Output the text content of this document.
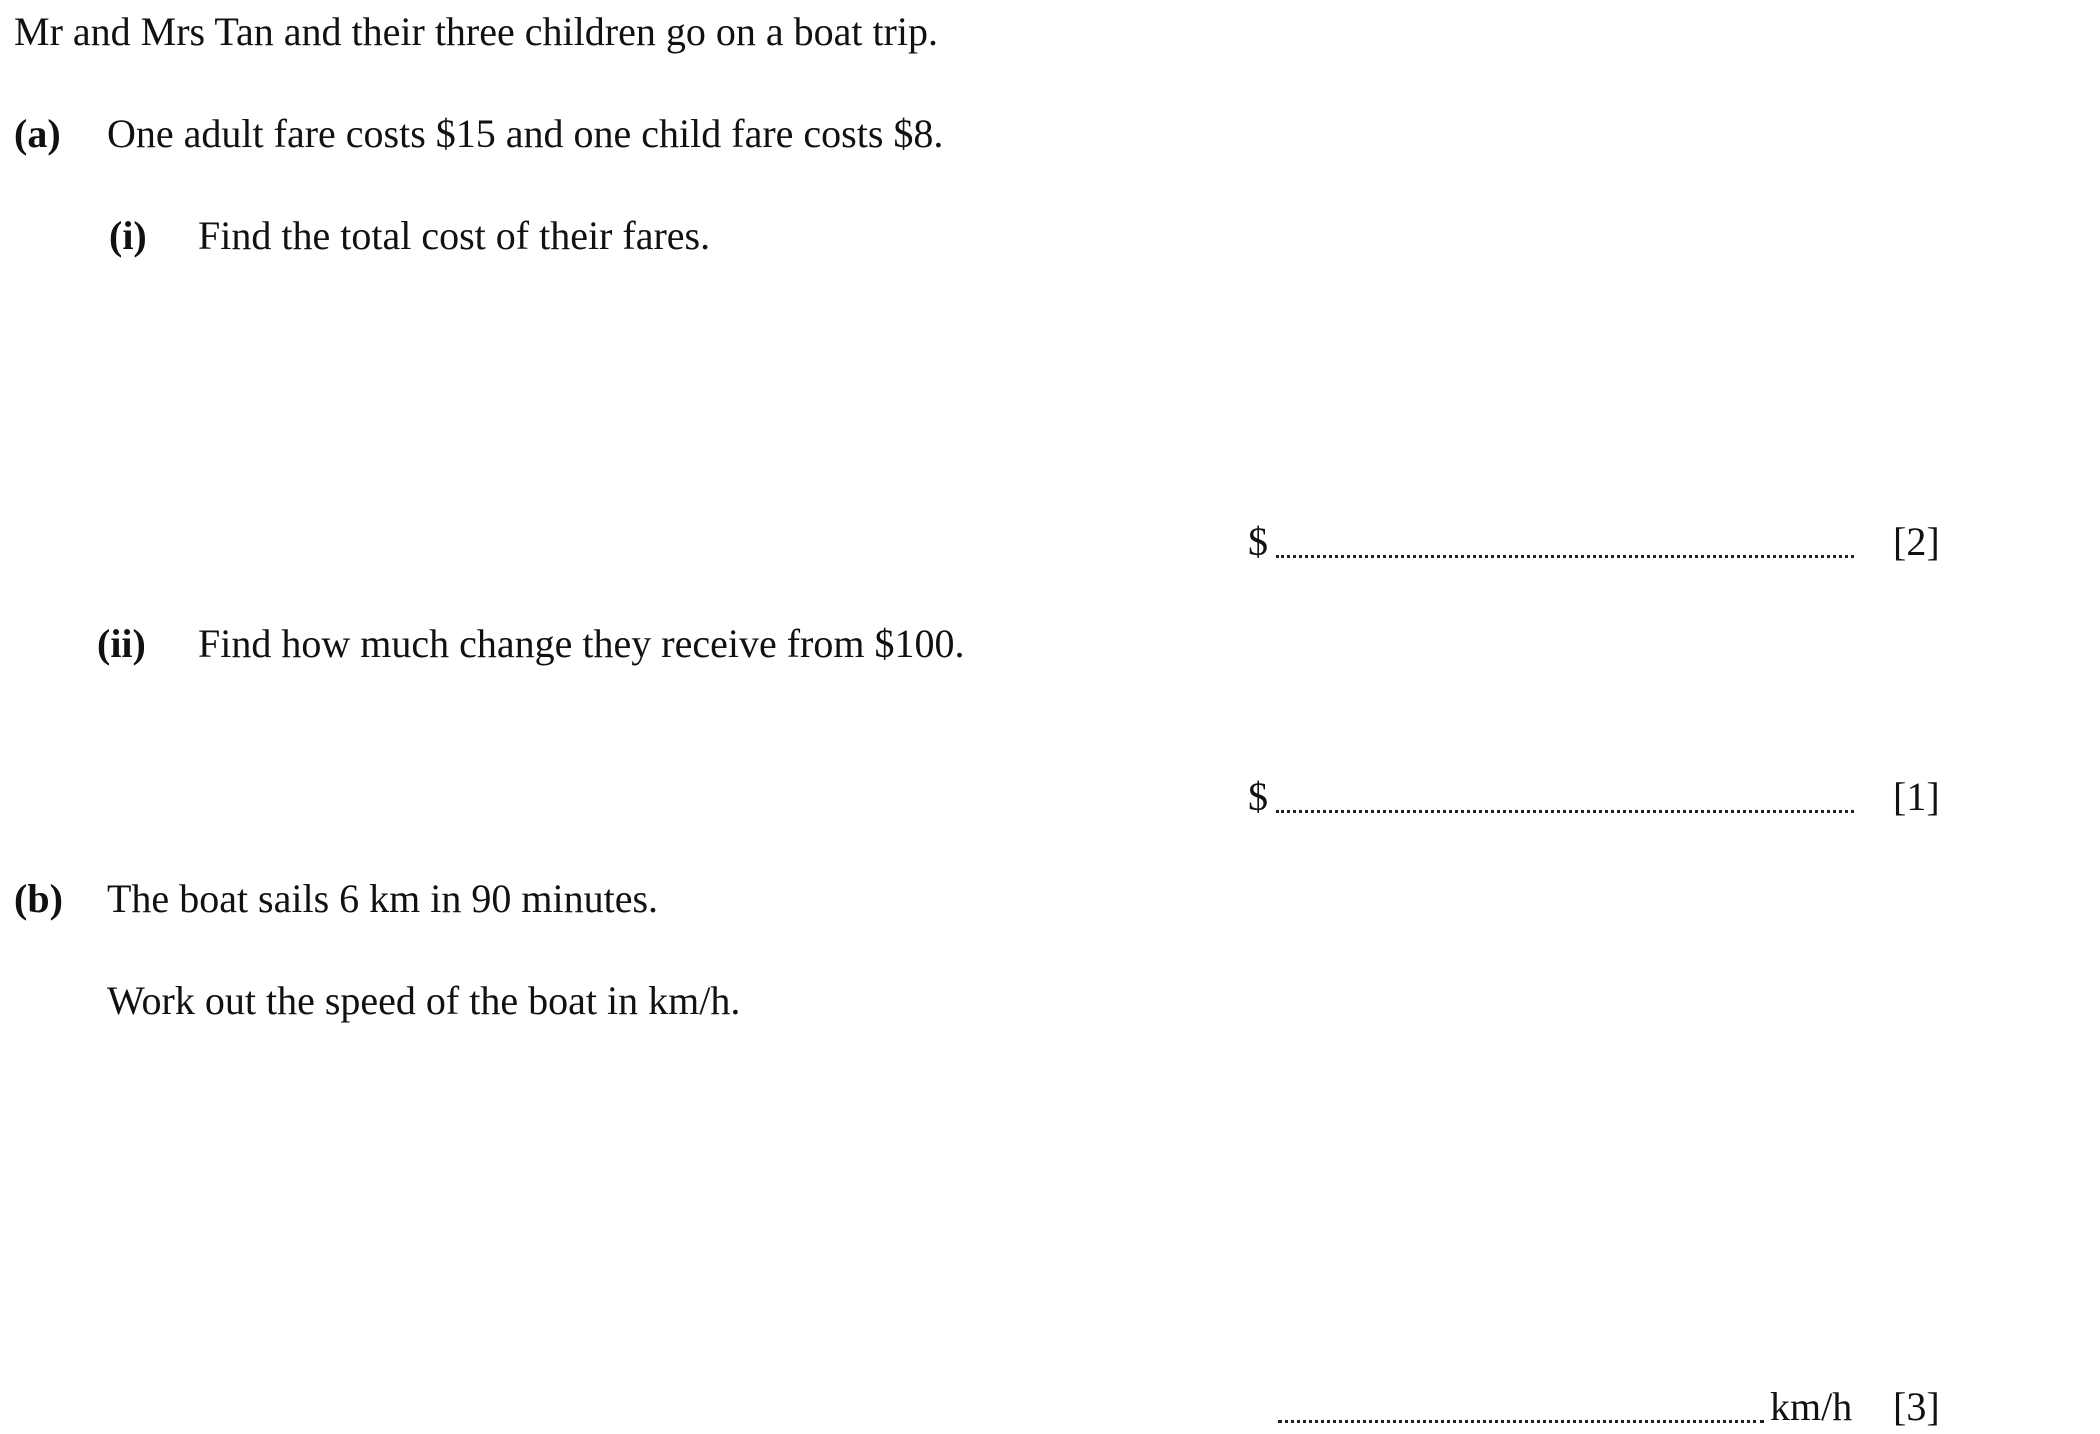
Mr and Mrs Tan and their three children go on a boat trip.
(a) One adult fare costs $15 and one child fare costs $8.
(i) Find the total cost of their fares.
$	[2]
(ii) Find how much change they receive from $100.
$	[1]
(b) The boat sails 6 km in 90 minutes.
Work out the speed of the boat in km/h.
km/h [3]
